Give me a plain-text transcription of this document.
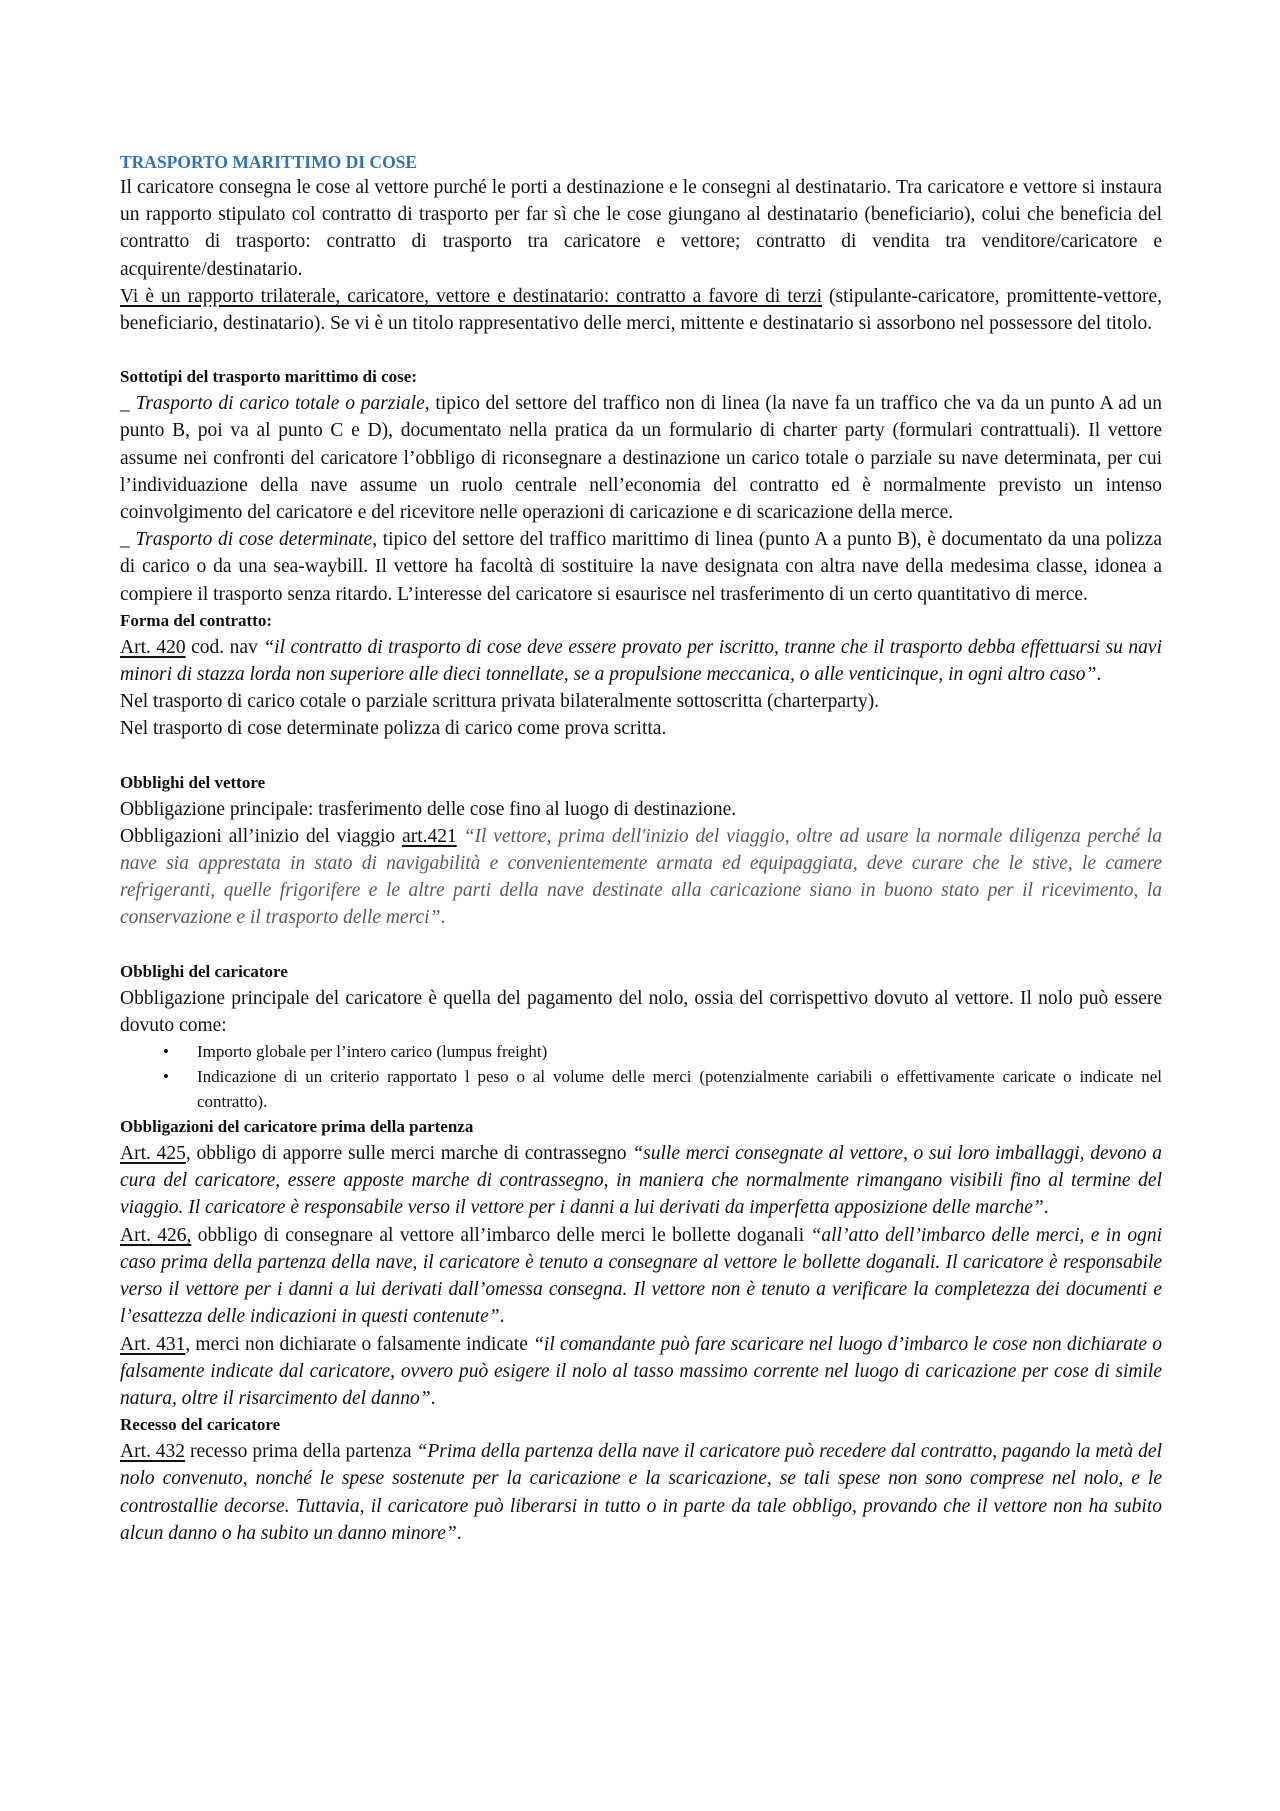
TRASPORTO MARITTIMO DI COSE

Il caricatore consegna le cose al vettore purché le porti a destinazione e le consegni al destinatario. Tra caricatore e vettore si instaura un rapporto stipulato col contratto di trasporto per far sì che le cose giungano al destinatario (beneficiario), colui che beneficia del contratto di trasporto: contratto di trasporto tra caricatore e vettore; contratto di vendita tra venditore/caricatore e acquirente/destinatario.

Vi è un rapporto trilaterale, caricatore, vettore e destinatario: contratto a favore di terzi (stipulante-caricatore, promittente-vettore, beneficiario, destinatario). Se vi è un titolo rappresentativo delle merci, mittente e destinatario si assorbono nel possessore del titolo.

Sottotipi del trasporto marittimo di cose:

_ Trasporto di carico totale o parziale, tipico del settore del traffico non di linea (la nave fa un traffico che va da un punto A ad un punto B, poi va al punto C e D), documentato nella pratica da un formulario di charter party (formulari contrattuali). Il vettore assume nei confronti del caricatore l’obbligo di riconsegnare a destinazione un carico totale o parziale su nave determinata, per cui l’individuazione della nave assume un ruolo centrale nell’economia del contratto ed è normalmente previsto un intenso coinvolgimento del caricatore e del ricevitore nelle operazioni di caricazione e di scaricazione della merce.

_ Trasporto di cose determinate, tipico del settore del traffico marittimo di linea (punto A a punto B), è documentato da una polizza di carico o da una sea-waybill. Il vettore ha facoltà di sostituire la nave designata con altra nave della medesima classe, idonea a compiere il trasporto senza ritardo. L’interesse del caricatore si esaurisce nel trasferimento di un certo quantitativo di merce.

Forma del contratto:

Art. 420 cod. nav “il contratto di trasporto di cose deve essere provato per iscritto, tranne che il trasporto debba effettuarsi su navi minori di stazza lorda non superiore alle dieci tonnellate, se a propulsione meccanica, o alle venticinque, in ogni altro caso”.

Nel trasporto di carico cotale o parziale scrittura privata bilateralmente sottoscritta (charterparty).

Nel trasporto di cose determinate polizza di carico come prova scritta.

Obblighi del vettore

Obbligazione principale: trasferimento delle cose fino al luogo di destinazione.

Obbligazioni all’inizio del viaggio art.421 “Il vettore, prima dell'inizio del viaggio, oltre ad usare la normale diligenza perché la nave sia apprestata in stato di navigabilità e convenientemente armata ed equipaggiata, deve curare che le stive, le camere refrigeranti, quelle frigorifere e le altre parti della nave destinate alla caricazione siano in buono stato per il ricevimento, la conservazione e il trasporto delle merci”.

Obblighi del caricatore

Obbligazione principale del caricatore è quella del pagamento del nolo, ossia del corrispettivo dovuto al vettore. Il nolo può essere dovuto come:

• Importo globale per l’intero carico (lumpus freight)
• Indicazione di un criterio rapportato l peso o al volume delle merci (potenzialmente cariabili o effettivamente caricate o indicate nel contratto).

Obbligazioni del caricatore prima della partenza

Art. 425, obbligo di apporre sulle merci marche di contrassegno “sulle merci consegnate al vettore, o sui loro imballaggi, devono a cura del caricatore, essere apposte marche di contrassegno, in maniera che normalmente rimangano visibili fino al termine del viaggio. Il caricatore è responsabile verso il vettore per i danni a lui derivati da imperfetta apposizione delle marche”.

Art. 426, obbligo di consegnare al vettore all’imbarco delle merci le bollette doganali “all’atto dell’imbarco delle merci, e in ogni caso prima della partenza della nave, il caricatore è tenuto a consegnare al vettore le bollette doganali. Il caricatore è responsabile verso il vettore per i danni a lui derivati dall’omessa consegna. Il vettore non è tenuto a verificare la completezza dei documenti e l’esattezza delle indicazioni in questi contenute”.

Art. 431, merci non dichiarate o falsamente indicate “il comandante può fare scaricare nel luogo d’imbarco le cose non dichiarate o falsamente indicate dal caricatore, ovvero può esigere il nolo al tasso massimo corrente nel luogo di caricazione per cose di simile natura, oltre il risarcimento del danno”.

Recesso del caricatore

Art. 432 recesso prima della partenza “Prima della partenza della nave il caricatore può recedere dal contratto, pagando la metà del nolo convenuto, nonché le spese sostenute per la caricazione e la scaricazione, se tali spese non sono comprese nel nolo, e le controstallie decorse. Tuttavia, il caricatore può liberarsi in tutto o in parte da tale obbligo, provando che il vettore non ha subito alcun danno o ha subito un danno minore”.
